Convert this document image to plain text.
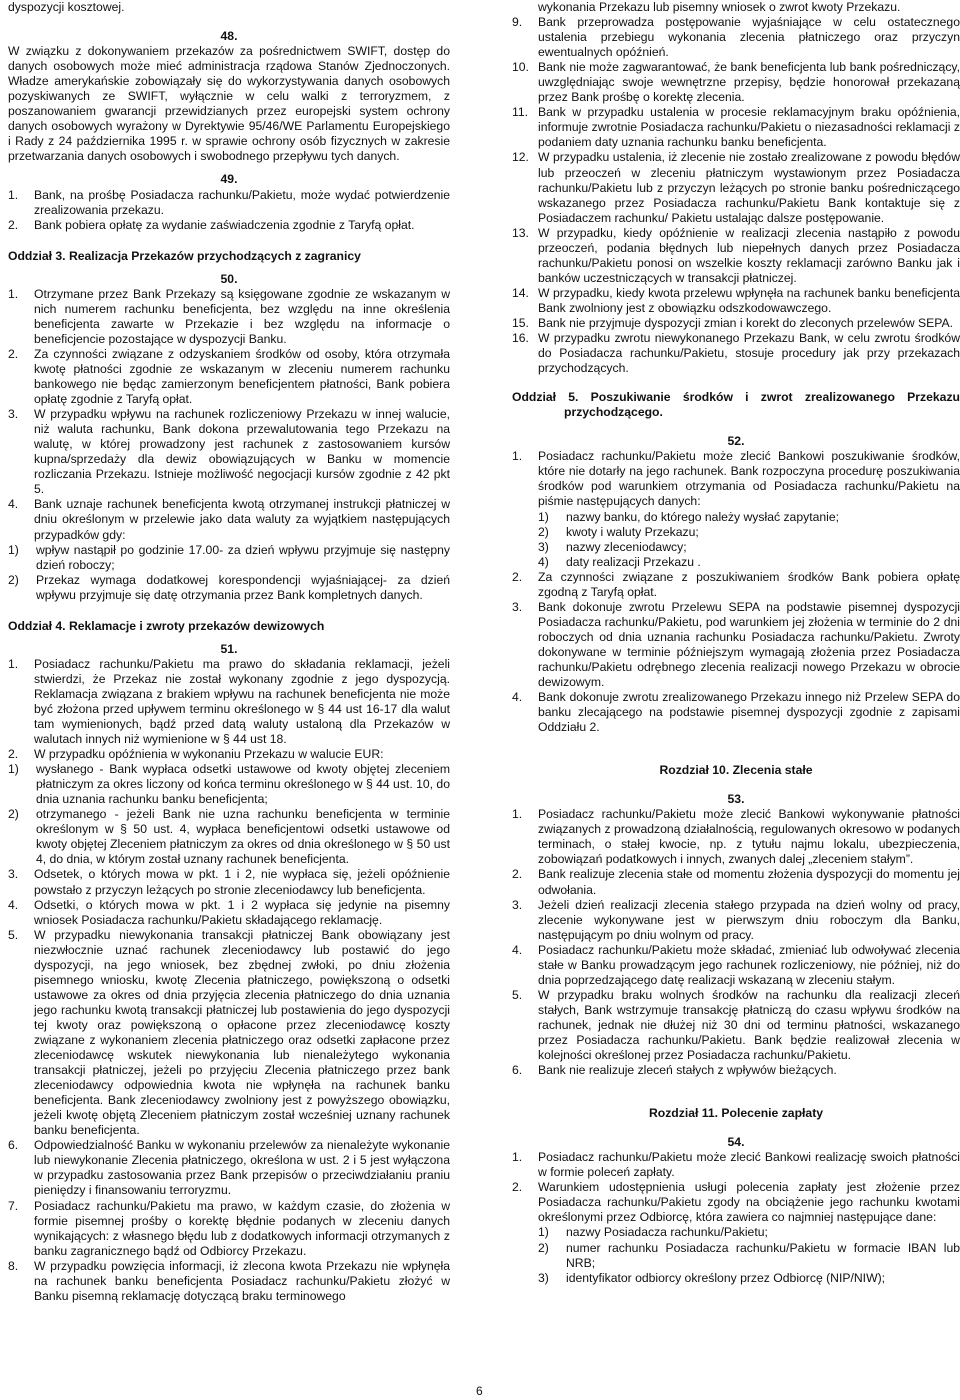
dyspozycji kosztowej.

48.

W związku z dokonywaniem przekazów za pośrednictwem SWIFT, dostęp do danych osobowych może mieć administracja rządowa Stanów Zjednoczonych. Władze amerykańskie zobowiązały się do wykorzystywania danych osobowych pozyskiwanych ze SWIFT, wyłącznie w celu walki z terroryzmem, z poszanowaniem gwarancji przewidzianych przez europejski system ochrony danych osobowych wyrażony w Dyrektywie 95/46/WE Parlamentu Europejskiego i Rady z 24 października 1995 r. w sprawie ochrony osób fizycznych w zakresie przetwarzania danych osobowych i swobodnego przepływu tych danych.

49.

1.	Bank, na prośbę Posiadacza rachunku/Pakietu, może wydać potwierdzenie zrealizowania przekazu.
2.	Bank pobiera opłatę za wydanie zaświadczenia zgodnie z Taryfą opłat.

Oddział 3. Realizacja Przekazów przychodzących z zagranicy

50.

1.	Otrzymane przez Bank Przekazy są księgowane zgodnie ze wskazanym w nich numerem rachunku beneficjenta, bez względu na inne określenia beneficjenta zawarte w Przekazie i bez względu na informacje o beneficjencie pozostające w dyspozycji Banku.
2.	Za czynności związane z odzyskaniem środków od osoby, która otrzymała kwotę płatności zgodnie ze wskazanym w zleceniu numerem rachunku bankowego nie będąc zamierzonym beneficjentem płatności, Bank pobiera opłatę zgodnie z Taryfą opłat.
3.	W przypadku wpływu na rachunek rozliczeniowy Przekazu w innej walucie, niż waluta rachunku, Bank dokona przewalutowania tego Przekazu na walutę, w której prowadzony jest rachunek z zastosowaniem kursów kupna/sprzedaży dla dewiz obowiązujących w Banku w momencie rozliczania Przekazu. Istnieje możliwość negocjacji kursów zgodnie z 42 pkt 5.
4.	Bank uznaje rachunek beneficjenta kwotą otrzymanej instrukcji płatniczej w dniu określonym w przelewie jako data waluty za wyjątkiem następujących przypadków gdy:
1)	wpływ nastąpił po godzinie 17.00- za dzień wpływu przyjmuje się następny dzień roboczy;
2)	Przekaz wymaga dodatkowej korespondencji wyjaśniającej- za dzień wpływu przyjmuje się datę otrzymania przez Bank kompletnych danych.

Oddział 4. Reklamacje i zwroty przekazów dewizowych

51.

1.	Posiadacz rachunku/Pakietu ma prawo do składania reklamacji, jeżeli stwierdzi, że Przekaz nie został wykonany zgodnie z jego dyspozycją. Reklamacja związana z brakiem wpływu na rachunek beneficjenta nie może być złożona przed upływem terminu określonego w § 44 ust 16-17 dla walut tam wymienionych, bądź przed datą waluty ustaloną dla Przekazów w walutach innych niż wymienione w § 44 ust 18.
2.	W przypadku opóźnienia w wykonaniu Przekazu w walucie EUR:
1)	wysłanego - Bank wypłaca odsetki ustawowe od kwoty objętej zleceniem płatniczym za okres liczony od końca terminu określonego w § 44 ust. 10, do dnia uznania rachunku banku beneficjenta;
2)	otrzymanego - jeżeli Bank nie uzna rachunku beneficjenta w terminie określonym w § 50 ust. 4, wypłaca beneficjentowi odsetki ustawowe od kwoty objętej Zleceniem płatniczym za okres od dnia określonego w § 50 ust 4, do dnia, w którym został uznany rachunek beneficjenta.
3.	Odsetek, o których mowa w pkt. 1 i 2, nie wypłaca się, jeżeli opóźnienie powstało z przyczyn leżących po stronie zleceniodawcy lub beneficjenta.
4.	Odsetki, o których mowa w pkt. 1 i 2 wypłaca się jedynie na pisemny wniosek Posiadacza rachunku/Pakietu składającego reklamację.
5.	W przypadku niewykonania transakcji płatniczej Bank obowiązany jest niezwłocznie uznać rachunek zleceniodawcy lub postawić do jego dyspozycji, na jego wniosek, bez zbędnej zwłoki, po dniu złożenia pisemnego wniosku, kwotę Zlecenia płatniczego, powiększoną o odsetki ustawowe za okres od dnia przyjęcia zlecenia płatniczego do dnia uznania jego rachunku kwotą transakcji płatniczej lub postawienia do jego dyspozycji tej kwoty oraz powiększoną o opłacone przez zleceniodawcę koszty związane z wykonaniem zlecenia płatniczego oraz odsetki zapłacone przez zleceniodawcę wskutek niewykonania lub nienależytego wykonania transakcji płatniczej, jeżeli po przyjęciu Zlecenia płatniczego przez bank zleceniodawcy odpowiednia kwota nie wpłynęła na rachunek banku beneficjenta. Bank zleceniodawcy zwolniony jest z powyższego obowiązku, jeżeli kwotę objętą Zleceniem płatniczym został wcześniej uznany rachunek banku beneficjenta.
6.	Odpowiedzialność Banku w wykonaniu przelewów za nienależyte wykonanie lub niewykonanie Zlecenia płatniczego, określona w ust. 2 i 5 jest wyłączona w przypadku zastosowania przez Bank przepisów o przeciwdziałaniu praniu pieniędzy i finansowaniu terroryzmu.
7.	Posiadacz rachunku/Pakietu ma prawo, w każdym czasie, do złożenia w formie pisemnej prośby o korektę błędnie podanych w zleceniu danych wynikających: z własnego błędu lub z dodatkowych informacji otrzymanych z banku zagranicznego bądź od Odbiorcy Przekazu.
8.	W przypadku powzięcia informacji, iż zlecona kwota Przekazu nie wpłynęła na rachunek banku beneficjenta Posiadacz rachunku/Pakietu złożyć w Banku pisemną reklamację dotyczącą braku terminowego

wykonania Przekazu lub pisemny wniosek o zwrot kwoty Przekazu.

9.	Bank przeprowadza postępowanie wyjaśniające w celu ostatecznego ustalenia przebiegu wykonania zlecenia płatniczego oraz przyczyn ewentualnych opóźnień.
10. Bank nie może zagwarantować, że bank beneficjenta lub bank pośredniczący, uwzględniając swoje wewnętrzne przepisy, będzie honorował przekazaną przez Bank prośbę o korektę zlecenia.
11. Bank w przypadku ustalenia w procesie reklamacyjnym braku opóźnienia, informuje zwrotnie Posiadacza rachunku/Pakietu o niezasadności reklamacji z podaniem daty uznania rachunku banku beneficjenta.
12. W przypadku ustalenia, iż zlecenie nie zostało zrealizowane z powodu błędów lub przeoczeń w zleceniu płatniczym wystawionym przez Posiadacza rachunku/Pakietu lub z przyczyn leżących po stronie banku pośredniczącego wskazanego przez Posiadacza rachunku/Pakietu Bank kontaktuje się z Posiadaczem rachunku/ Pakietu ustalając dalsze postępowanie.
13. W przypadku, kiedy opóźnienie w realizacji zlecenia nastąpiło z powodu przeoczeń, podania błędnych lub niepełnych danych przez Posiadacza rachunku/Pakietu ponosi on wszelkie koszty reklamacji zarówno Banku jak i banków uczestniczących w transakcji płatniczej.
14. W przypadku, kiedy kwota przelewu wpłynęła na rachunek banku beneficjenta Bank zwolniony jest z obowiązku odszkodowawczego.
15. Bank nie przyjmuje dyspozycji zmian i korekt do zleconych przelewów SEPA.
16. W przypadku zwrotu niewykonanego Przekazu Bank, w celu zwrotu środków do Posiadacza rachunku/Pakietu, stosuje procedury jak przy przekazach przychodzących.

Oddział 5. Poszukiwanie środków i zwrot zrealizowanego Przekazu przychodzącego.

52.

1.	Posiadacz rachunku/Pakietu może zlecić Bankowi poszukiwanie środków, które nie dotarły na jego rachunek. Bank rozpoczyna procedurę poszukiwania środków pod warunkiem otrzymania od Posiadacza rachunku/Pakietu na piśmie następujących danych:
1)	nazwy banku, do którego należy wysłać zapytanie;
2)	kwoty i waluty Przekazu;
3)	nazwy zleceniodawcy;
4)	daty realizacji Przekazu .
2.	Za czynności związane z poszukiwaniem środków Bank pobiera opłatę zgodną z Taryfą opłat.
3.	Bank dokonuje zwrotu Przelewu SEPA na podstawie pisemnej dyspozycji Posiadacza rachunku/Pakietu, pod warunkiem jej złożenia w terminie do 2 dni roboczych od dnia uznania rachunku Posiadacza rachunku/Pakietu. Zwroty dokonywane w terminie późniejszym wymagają złożenia przez Posiadacza rachunku/Pakietu odrębnego zlecenia realizacji nowego Przekazu w obrocie dewizowym.
4.	Bank dokonuje zwrotu zrealizowanego Przekazu innego niż Przelew SEPA do banku zlecającego na podstawie pisemnej dyspozycji zgodnie z zapisami Oddziału 2.

Rozdział 10. Zlecenia stałe

53.

1.	Posiadacz rachunku/Pakietu może zlecić Bankowi wykonywanie płatności związanych z prowadzoną działalnością, regulowanych okresowo w podanych terminach, o stałej kwocie, np. z tytułu najmu lokalu, ubezpieczenia, zobowiązań podatkowych i innych, zwanych dalej „zleceniem stałym”.
2.	Bank realizuje zlecenia stałe od momentu złożenia dyspozycji do momentu jej odwołania.
3.	Jeżeli dzień realizacji zlecenia stałego przypada na dzień wolny od pracy, zlecenie wykonywane jest w pierwszym dniu roboczym dla Banku, następującym po dniu wolnym od pracy.
4.	Posiadacz rachunku/Pakietu może składać, zmieniać lub odwoływać zlecenia stałe w Banku prowadzącym jego rachunek rozliczeniowy, nie później, niż do dnia poprzedzającego datę realizacji wskazaną w zleceniu stałym.
5.	W przypadku braku wolnych środków na rachunku dla realizacji zleceń stałych, Bank wstrzymuje transakcję płatniczą do czasu wpływu środków na rachunek, jednak nie dłużej niż 30 dni od terminu płatności, wskazanego przez Posiadacza rachunku/Pakietu. Bank będzie realizował zlecenia w kolejności określonej przez Posiadacza rachunku/Pakietu.
6.	Bank nie realizuje zleceń stałych z wpływów bieżących.

Rozdział 11. Polecenie zapłaty

54.

1.	Posiadacz rachunku/Pakietu może zlecić Bankowi realizację swoich płatności w formie poleceń zapłaty.
2.	Warunkiem udostępnienia usługi polecenia zapłaty jest złożenie przez Posiadacza rachunku/Pakietu zgody na obciążenie jego rachunku kwotami określonymi przez Odbiorcę, która zawiera co najmniej następujące dane:
1)	nazwy Posiadacza rachunku/Pakietu;
2)	numer rachunku Posiadacza rachunku/Pakietu w formacie IBAN lub NRB;
3)	identyfikator odbiorcy określony przez Odbiorcę (NIP/NIW);
6
